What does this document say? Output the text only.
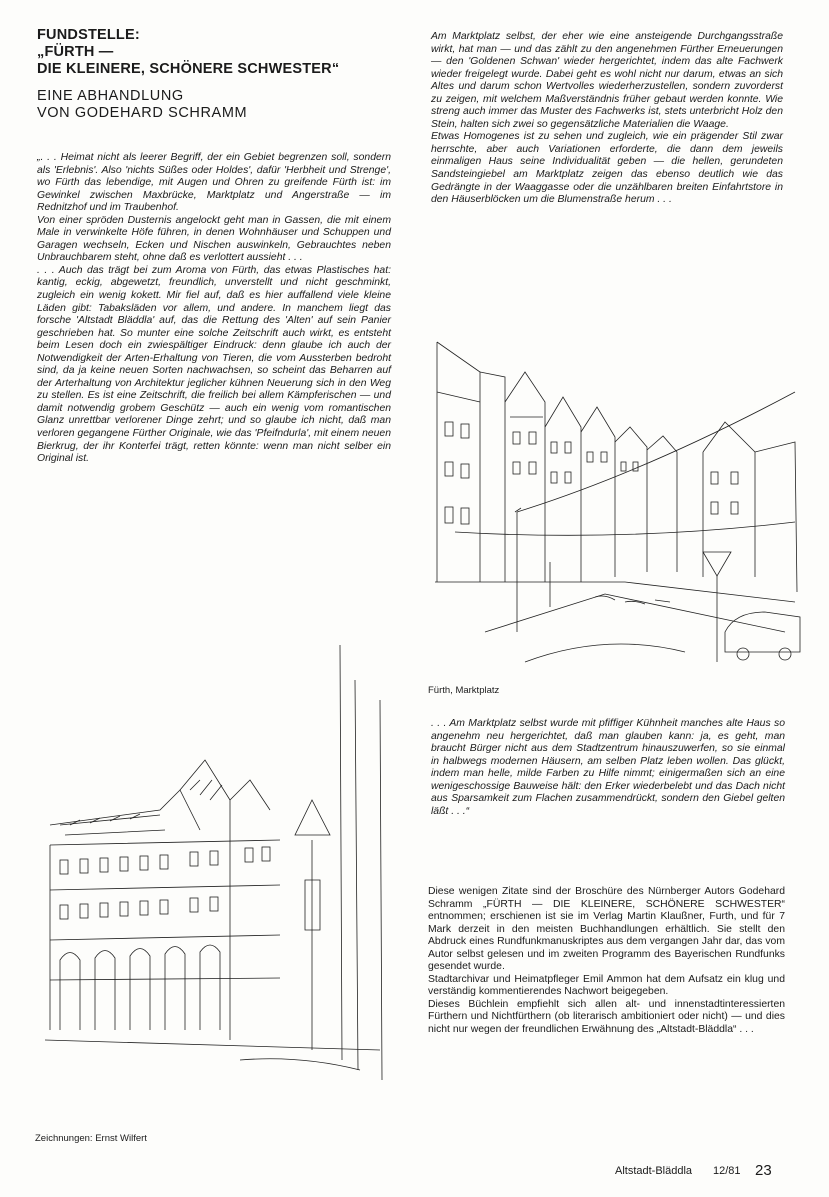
FUNDSTELLE:
„FÜRTH —
DIE KLEINERE, SCHÖNERE SCHWESTER“
EINE ABHANDLUNG
VON GODEHARD SCHRAMM

„. . . Heimat nicht als leerer Begriff, der ein Gebiet begrenzen soll, sondern als 'Erlebnis'. Also 'nichts Süßes oder Holdes', dafür 'Herbheit und Strenge', wo Fürth das lebendige, mit Augen und Ohren zu greifende Fürth ist: im Gewinkel zwischen Maxbrücke, Marktplatz und Angerstraße — im Rednitzhof und im Traubenhof.

Von einer spröden Dusternis angelockt geht man in Gassen, die mit einem Male in verwinkelte Höfe führen, in denen Wohnhäuser und Schuppen und Garagen wechseln, Ecken und Nischen auswinkeln, Gebrauchtes neben Unbrauchbarem steht, ohne daß es verlottert aussieht . . .

. . . Auch das trägt bei zum Aroma von Fürth, das etwas Plastisches hat: kantig, eckig, abgewetzt, freundlich, unverstellt und nicht geschminkt, zugleich ein wenig kokett. Mir fiel auf, daß es hier auffallend viele kleine Läden gibt: Tabaksläden vor allem, und andere. In manchem liegt das forsche 'Altstadt Bläddla' auf, das die Rettung des 'Alten' auf sein Panier geschrieben hat. So munter eine solche Zeitschrift auch wirkt, es entsteht beim Lesen doch ein zwiespältiger Eindruck: denn glaube ich auch der Notwendigkeit der Arten-Erhaltung von Tieren, die vom Aussterben bedroht sind, da ja keine neuen Sorten nachwachsen, so scheint das Beharren auf der Arterhaltung von Architektur jeglicher kühnen Neuerung sich in den Weg zu stellen. Es ist eine Zeitschrift, die freilich bei allem Kämpferischen — und damit notwendig grobem Geschütz — auch ein wenig vom romantischen Glanz unrettbar verlorener Dinge zehrt; und so glaube ich nicht, daß man verloren gegangene Fürther Originale, wie das 'Pfeifndurla', mit einem neuen Bierkrug, der ihr Konterfei trägt, retten könnte: wenn man nicht selber ein Original ist.

Am Marktplatz selbst, der eher wie eine ansteigende Durchgangsstraße wirkt, hat man — und das zählt zu den angenehmen Fürther Erneuerungen — den 'Goldenen Schwan' wieder hergerichtet, indem das alte Fachwerk wieder freigelegt wurde. Dabei geht es wohl nicht nur darum, etwas an sich Altes und darum schon Wertvolles wiederherzustellen, sondern zuvorderst zu zeigen, mit welchem Maßverständnis früher gebaut werden konnte. Wie streng auch immer das Muster des Fachwerks ist, stets unterbricht Holz den Stein, halten sich zwei so gegensätzliche Materialien die Waage.

Etwas Homogenes ist zu sehen und zugleich, wie ein prägender Stil zwar herrschte, aber auch Variationen erforderte, die dann dem jeweils einmaligen Haus seine Individualität geben — die hellen, gerundeten Sandsteingiebel am Marktplatz zeigen das ebenso deutlich wie das Gedrängte in der Waaggasse oder die unzählbaren breiten Einfahrtstore in den Häuserblöcken um die Blumenstraße herum . . .

Fürth, Marktplatz

. . . Am Marktplatz selbst wurde mit pfiffiger Kühnheit manches alte Haus so angenehm neu hergerichtet, daß man glauben kann: ja, es geht, man braucht Bürger nicht aus dem Stadtzentrum hinauszuwerfen, so sie einmal in halbwegs modernen Häusern, am selben Platz leben wollen. Das glückt, indem man helle, milde Farben zu Hilfe nimmt; einigermaßen sich an eine wenigeschossige Bauweise hält: den Erker wiederbelebt und das Dach nicht aus Sparsamkeit zum Flachen zusammendrückt, sondern den Giebel gelten läßt . . .“

Diese wenigen Zitate sind der Broschüre des Nürnberger Autors Godehard Schramm „FÜRTH — DIE KLEINERE, SCHÖNERE SCHWESTER“ entnommen; erschienen ist sie im Verlag Martin Klaußner, Furth, und für 7 Mark derzeit in den meisten Buchhandlungen erhältlich. Sie stellt den Abdruck eines Rundfunkmanuskriptes aus dem vergangen Jahr dar, das vom Autor selbst gelesen und im zweiten Programm des Bayerischen Rundfunks gesendet wurde.

Stadtarchivar und Heimatpfleger Emil Ammon hat dem Aufsatz ein klug und verständig kommentierendes Nachwort beigegeben.

Dieses Büchlein empfiehlt sich allen alt- und innenstadtinteressierten Fürthern und Nichtfürthern (ob literarisch ambitioniert oder nicht) — und dies nicht nur wegen der freundlichen Erwähnung des „Altstadt-Bläddla“ . . .

Zeichnungen: Ernst Wilfert
Altstadt-Bläddla 12/81 23
